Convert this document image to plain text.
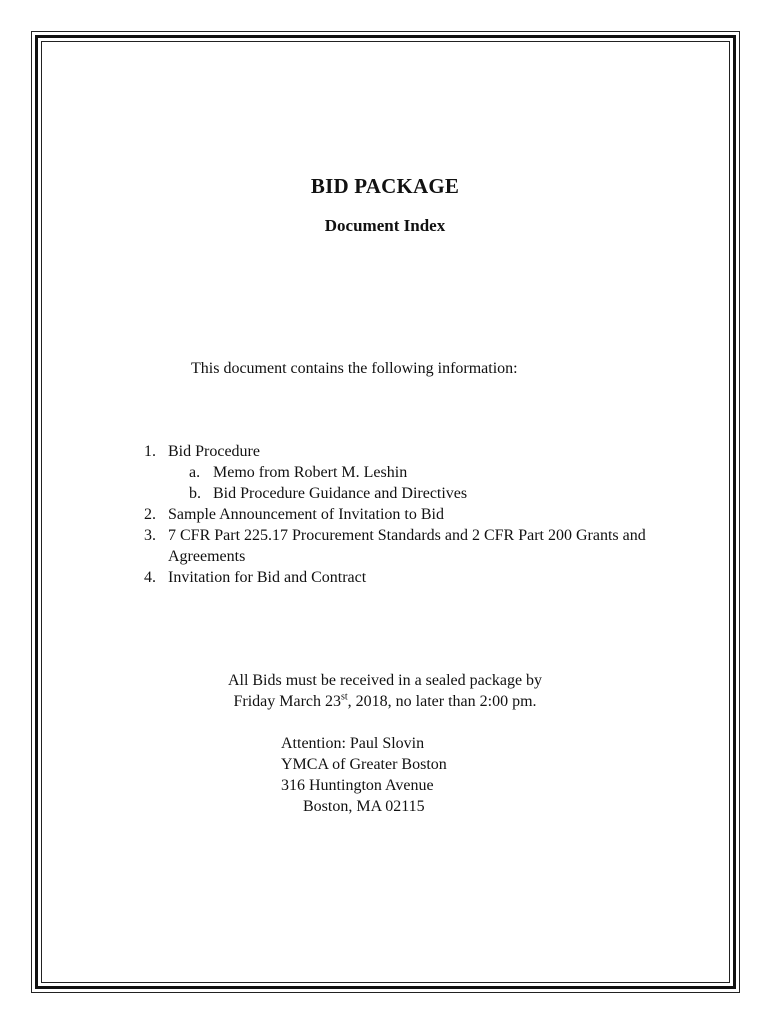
BID PACKAGE
Document Index
This document contains the following information:
1. Bid Procedure
a. Memo from Robert M. Leshin
b. Bid Procedure Guidance and Directives
2. Sample Announcement of Invitation to Bid
3. 7 CFR Part 225.17 Procurement Standards and 2 CFR Part 200 Grants and
Agreements
4. Invitation for Bid and Contract
All Bids must be received in a sealed package by
Friday March 23st, 2018, no later than 2:00 pm.
Attention: Paul Slovin
YMCA of Greater Boston
316 Huntington Avenue
Boston, MA 02115
